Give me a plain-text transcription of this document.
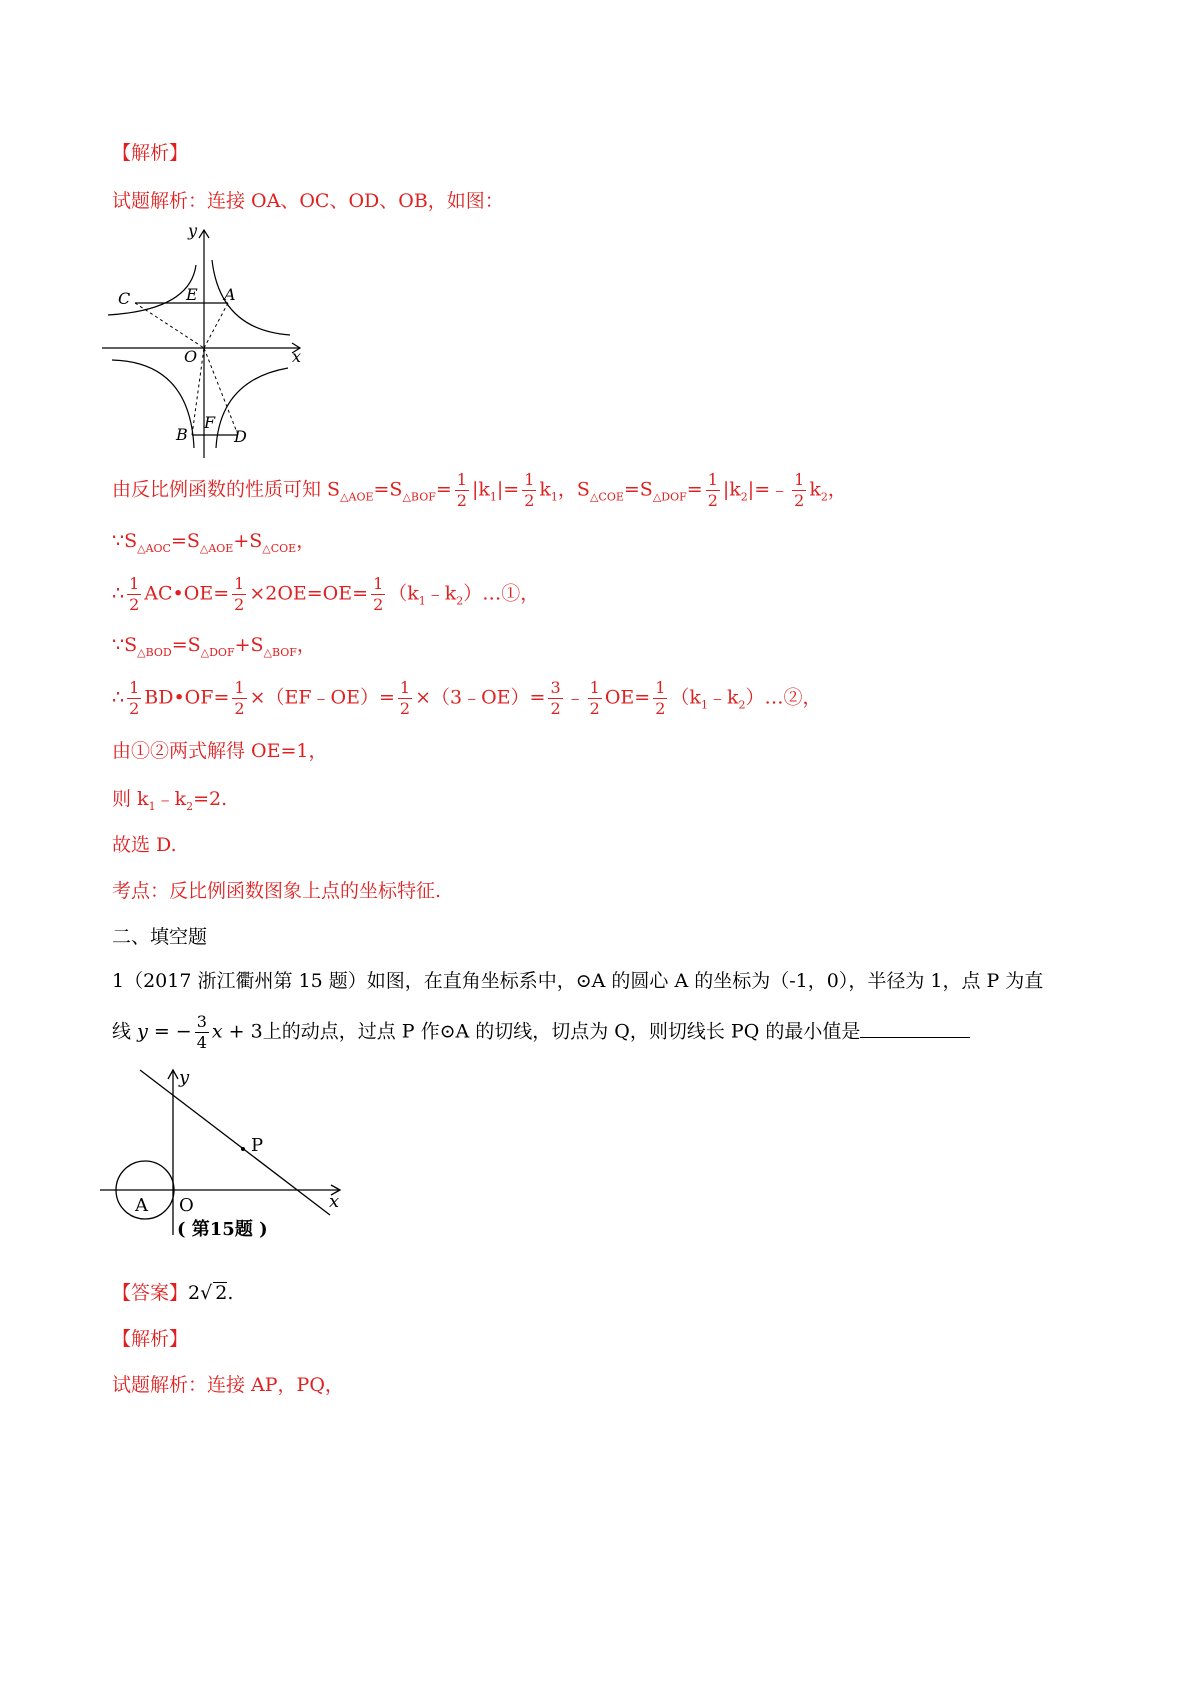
【解析】
试题解析：连接 OA、OC、OD、OB，如图：
y
x
C	E A
O
B
F
D
由反比例函数的性质可知 $S_{\triangle AOE}=S_{\triangle BOF}= \frac{1}{2} |k_1|= \frac{1}{2} k_1$，$S_{\triangle COE}=S_{\triangle DOF}= \frac{1}{2}$ $|k_2|=﹣ \frac{1}{2} k_2$，
$\because S_{\triangle AOC}=S_{\triangle AOE}+S_{\triangle COE}$，
∴ $\frac{1}{2}$ AC•OE= $\frac{1}{2} \times 2OE=OE= \frac{1}{2}$ $(k_1﹣k_2)\dots ①$，
$\because S_{\triangle BOD}=S_{\triangle DOF}+S_{\triangle BOF}$，
∴ $\frac{1}{2}$ BD•OF= $\frac{1}{2}$ ×（EF﹣OE）= $\frac{1}{2}$ ×（3﹣OE）= $\frac{3}{2}$ ﹣ $\frac{1}{2} OE= \frac{1}{2}$ $(k_1﹣k_2)\dots ②$，
由①②两式解得 OE=1，
则 $k_1﹣k_2=2$.
故选 D.
考点：反比例函数图象上点的坐标特征.
二、填空题
1（2017 浙江衢州第 15 题）如图，在直角坐标系中，⊙A 的圆心 A 的坐标为（-1，0），半径为 1，点 P 为直
线 y = − $\frac{3}{4}$ x + 3上的动点，过点 P 作⊙A 的切线，切点为 Q，则切线长 PQ 的最小值是
y
x
P
A O
( 第15题 )
【答案】2√ 2.
【解析】
试题解析：连接 AP，PQ，
